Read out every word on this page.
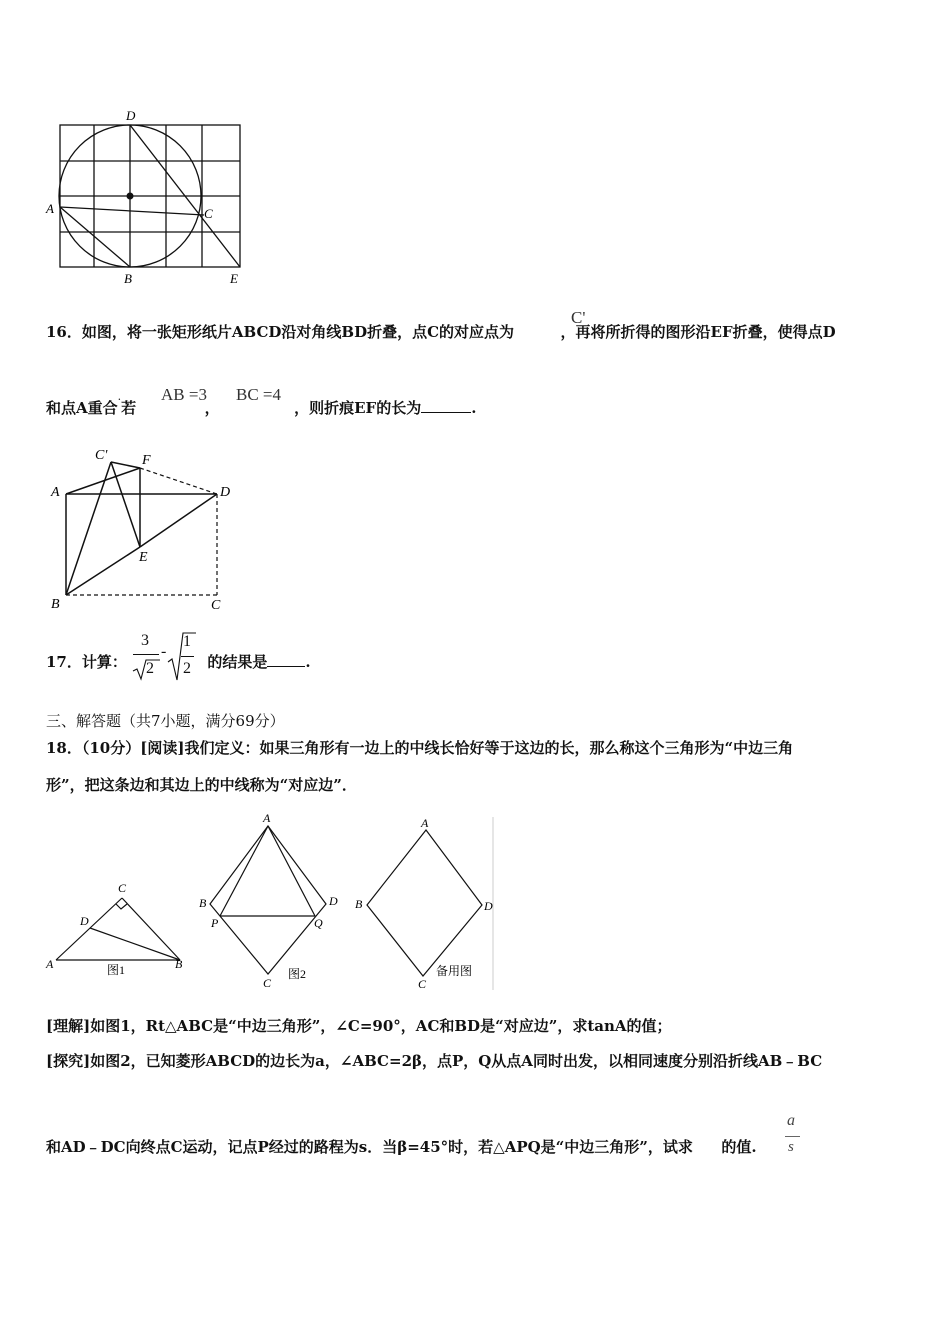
D
A	C
B	E
16．如图，将一张矩形纸片ABCD沿对角线BD折叠，点C的对应点为	，再将所折得的图形沿EF折叠，使得点D
C'
和点A重合·若	，	，则折痕EF的长为	.
AB =3 BC =4
C' F
A	D
E
B	C
17．计算：	的结果是	.
3
2
-
1
2
三、解答题（共7小题，满分69分）
18．（10分）[阅读]我们定义：如果三角形有一边上的中线长恰好等于这边的长，那么称这个三角形为“中边三角
形”，把这条边和其边上的中线称为“对应边”．
C
D
A	B
图1
A
B	D
P	Q
C
图2
A
B	D
C
备用图
[理解]如图1，Rt△ABC是“中边三角形”，∠C=90°，AC和BD是“对应边”，求tanA的值；
[探究]如图2，已知菱形ABCD的边长为a，∠ABC=2β，点P，Q从点A同时出发，以相同速度分别沿折线AB﹣BC
和AD﹣DC向终点C运动，记点P经过的路程为s．当β=45°时，若△APQ是“中边三角形”，试求 的值.
a
s
